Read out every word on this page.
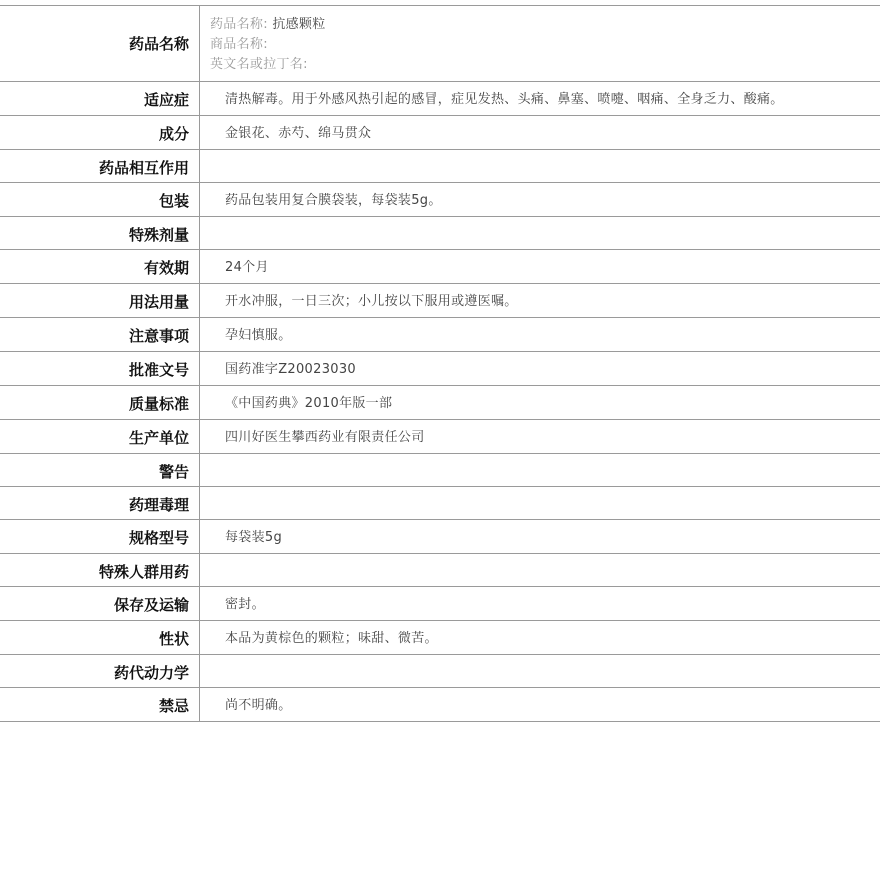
药品名称
药品名称: 抗感颗粒
商品名称:
英文名或拉丁名:
适应症	清热解毒。用于外感风热引起的感冒，症见发热、头痛、鼻塞、喷嚏、咽痛、全身乏力、酸痛。
成分	金银花、赤芍、绵马贯众
药品相互作用
包装	药品包装用复合膜袋装，每袋装5g。
特殊剂量
有效期	24个月
用法用量	开水冲服，一日三次；小儿按以下服用或遵医嘱。
注意事项	孕妇慎服。
批准文号	国药准字Z20023030
质量标准	《中国药典》2010年版一部
生产单位	四川好医生攀西药业有限责任公司
警告
药理毒理
规格型号	每袋装5g
特殊人群用药
保存及运输	密封。
性状	本品为黄棕色的颗粒；味甜、微苦。
药代动力学
禁忌	尚不明确。
